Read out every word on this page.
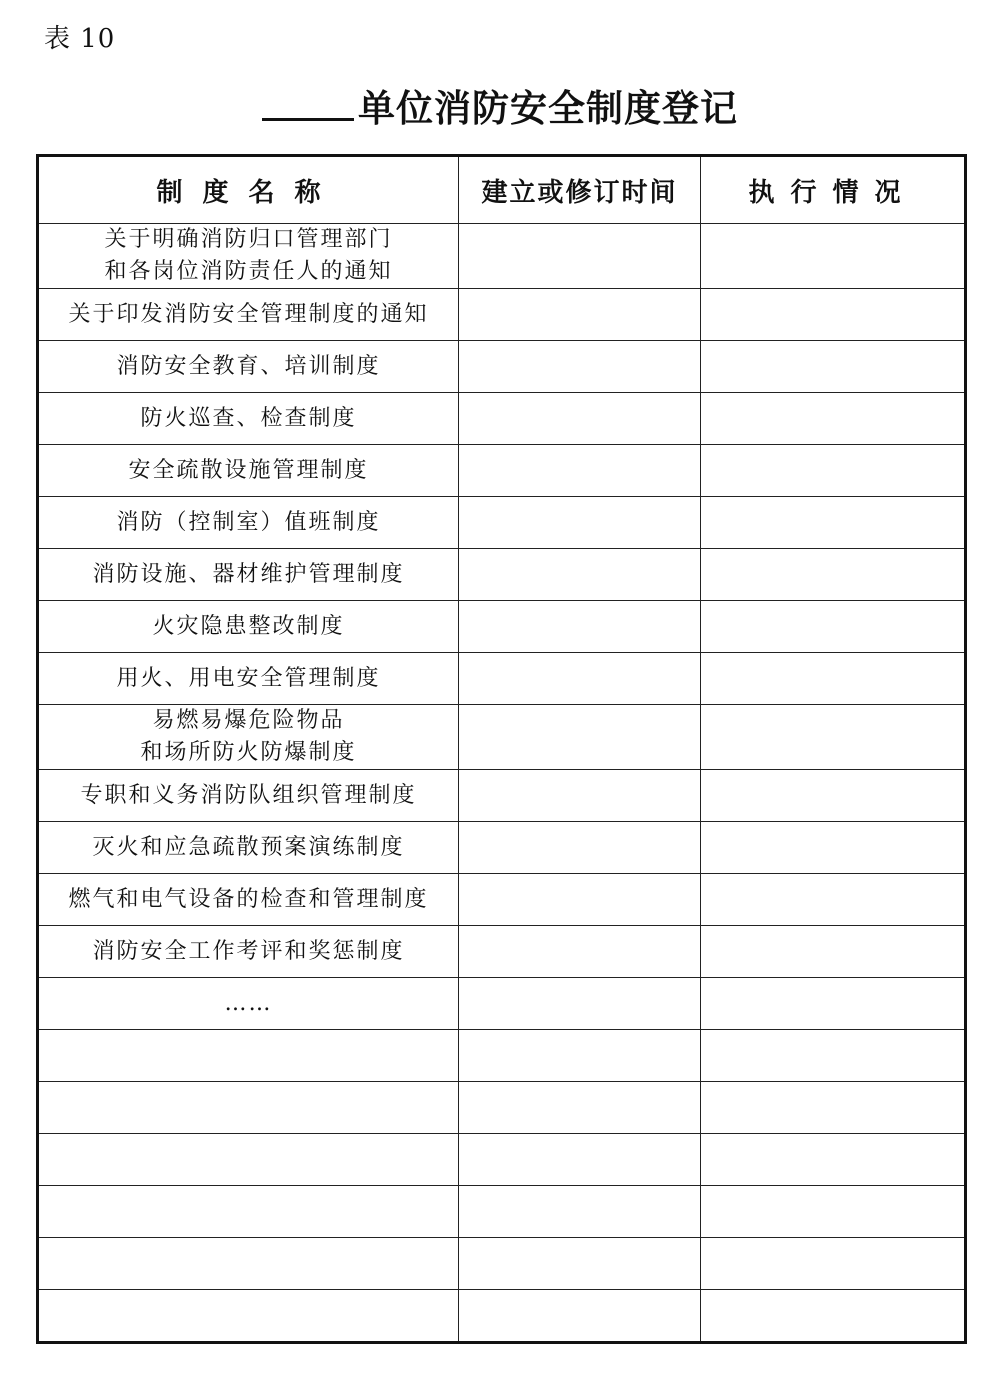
表 10
单位消防安全制度登记
制度名称	建立或修订时间	执行情况

关于明确消防归口管理部门
和各岗位消防责任人的通知		

关于印发消防安全管理制度的通知		

消防安全教育、培训制度		

防火巡查、检查制度		

安全疏散设施管理制度		

消防（控制室）值班制度		

消防设施、器材维护管理制度		

火灾隐患整改制度		

用火、用电安全管理制度		

易燃易爆危险物品
和场所防火防爆制度		

专职和义务消防队组织管理制度		

灭火和应急疏散预案演练制度		

燃气和电气设备的检查和管理制度		

消防安全工作考评和奖惩制度		

……		
